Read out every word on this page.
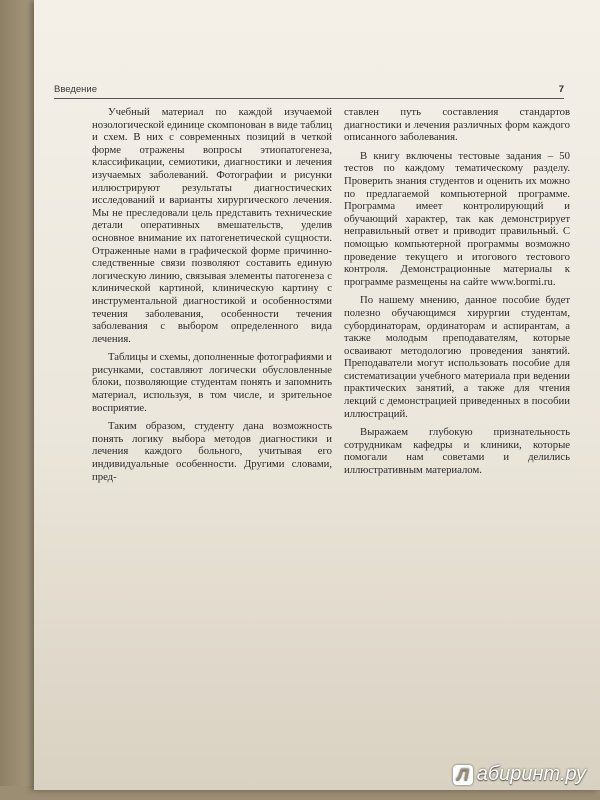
Введение	7

Учебный материал по каждой изучаемой нозологической единице скомпонован в виде таблиц и схем. В них с современных позиций в четкой форме отражены вопросы этиопатогенеза, классификации, семиотики, диагностики и лечения изучаемых заболеваний. Фотографии и рисунки иллюстрируют результаты диагностических исследований и варианты хирургического лечения. Мы не преследовали цель представить технические детали оперативных вмешательств, уделив основное внимание их патогенетической сущности. Отраженные нами в графической форме причинно-следственные связи позволяют составить единую логическую линию, связывая элементы патогенеза с клинической картиной, клиническую картину с инструментальной диагностикой и особенностями течения заболевания, особенности течения заболевания с выбором определенного вида лечения.

Таблицы и схемы, дополненные фотографиями и рисунками, составляют логически обусловленные блоки, позволяющие студентам понять и запомнить материал, используя, в том числе, и зрительное восприятие.

Таким образом, студенту дана возможность понять логику выбора методов диагностики и лечения каждого больного, учитывая его индивидуальные особенности. Другими словами, пред-

ставлен путь составления стандартов диагностики и лечения различных форм каждого описанного заболевания.

В книгу включены тестовые задания – 50 тестов по каждому тематическому разделу. Проверить знания студентов и оценить их можно по предлагаемой компьютерной программе. Программа имеет контролирующий и обучающий характер, так как демонстрирует неправильный ответ и приводит правильный. С помощью компьютерной программы возможно проведение текущего и итогового тестового контроля. Демонстрационные материалы к программе размещены на сайте www.bormi.ru.

По нашему мнению, данное пособие будет полезно обучающимся хирургии студентам, субординаторам, ординаторам и аспирантам, а также молодым преподавателям, которые осваивают методологию проведения занятий. Преподаватели могут использовать пособие для систематизации учебного материала при ведении практических занятий, а также для чтения лекций с демонстрацией приведенных в пособии иллюстраций.

Выражаем глубокую признательность сотрудникам кафедры и клиники, которые помогали нам советами и делились иллюстративным материалом.

Л абиринт.ру
